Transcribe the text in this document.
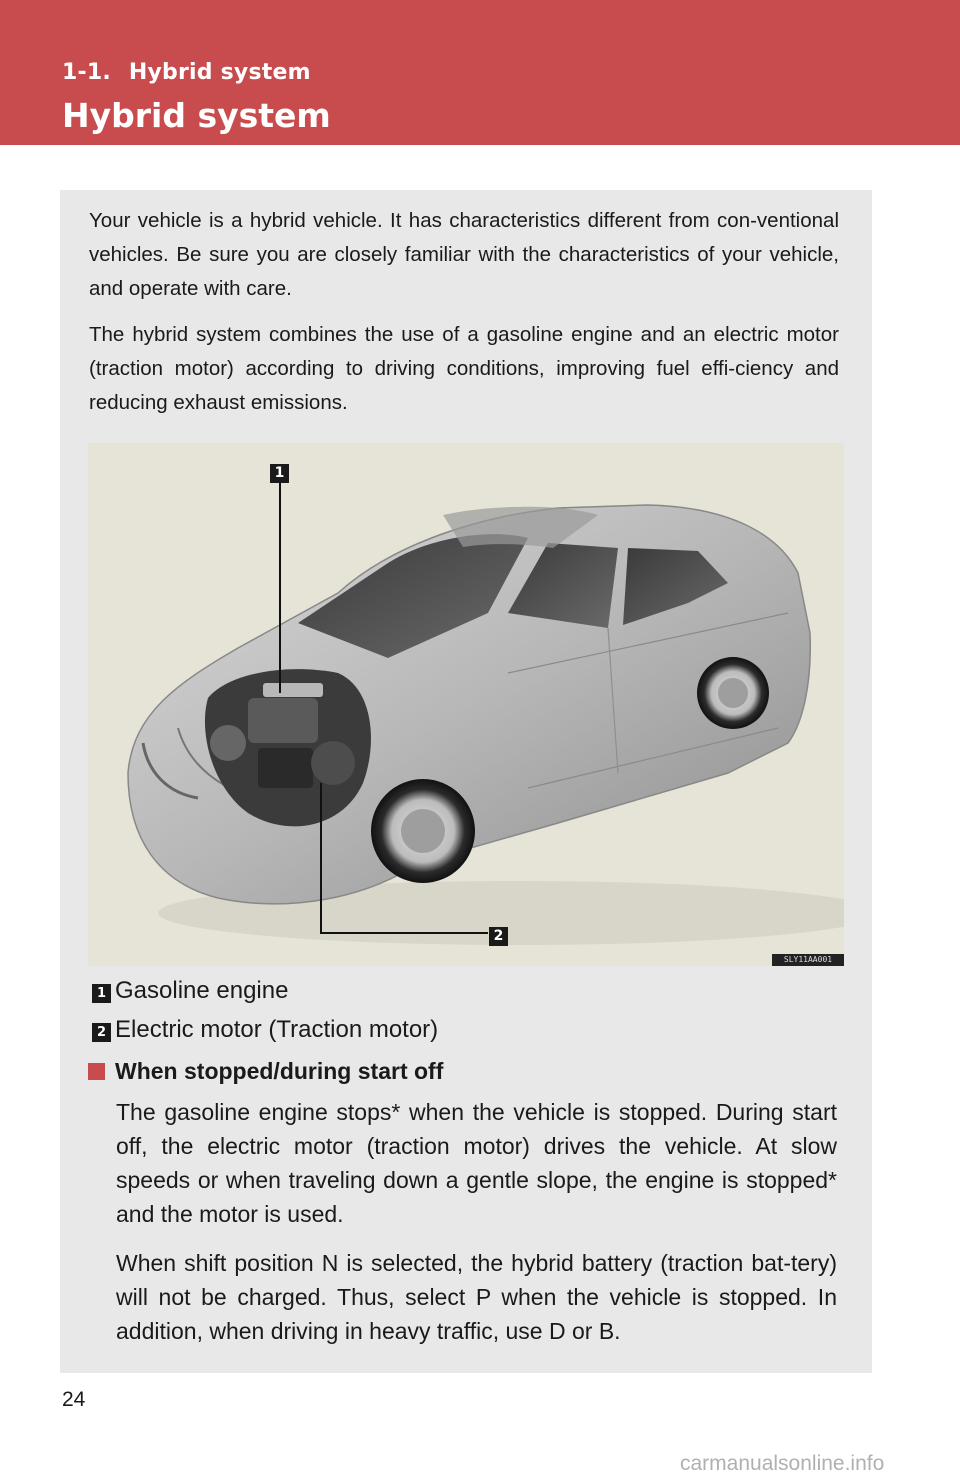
1-1. Hybrid system
Hybrid system

Your vehicle is a hybrid vehicle. It has characteristics different from con-ventional vehicles. Be sure you are closely familiar with the characteristics of your vehicle, and operate with care.

The hybrid system combines the use of a gasoline engine and an electric motor (traction motor) according to driving conditions, improving fuel effi-ciency and reducing exhaust emissions.

1
2
SLY11AA001
1 Gasoline engine
2 Electric motor (Traction motor)
When stopped/during start off

The gasoline engine stops* when the vehicle is stopped. During start off, the electric motor (traction motor) drives the vehicle. At slow speeds or when traveling down a gentle slope, the engine is stopped* and the motor is used.

When shift position N is selected, the hybrid battery (traction bat-tery) will not be charged. Thus, select P when the vehicle is stopped. In addition, when driving in heavy traffic, use D or B.

24
carmanualsonline.info
